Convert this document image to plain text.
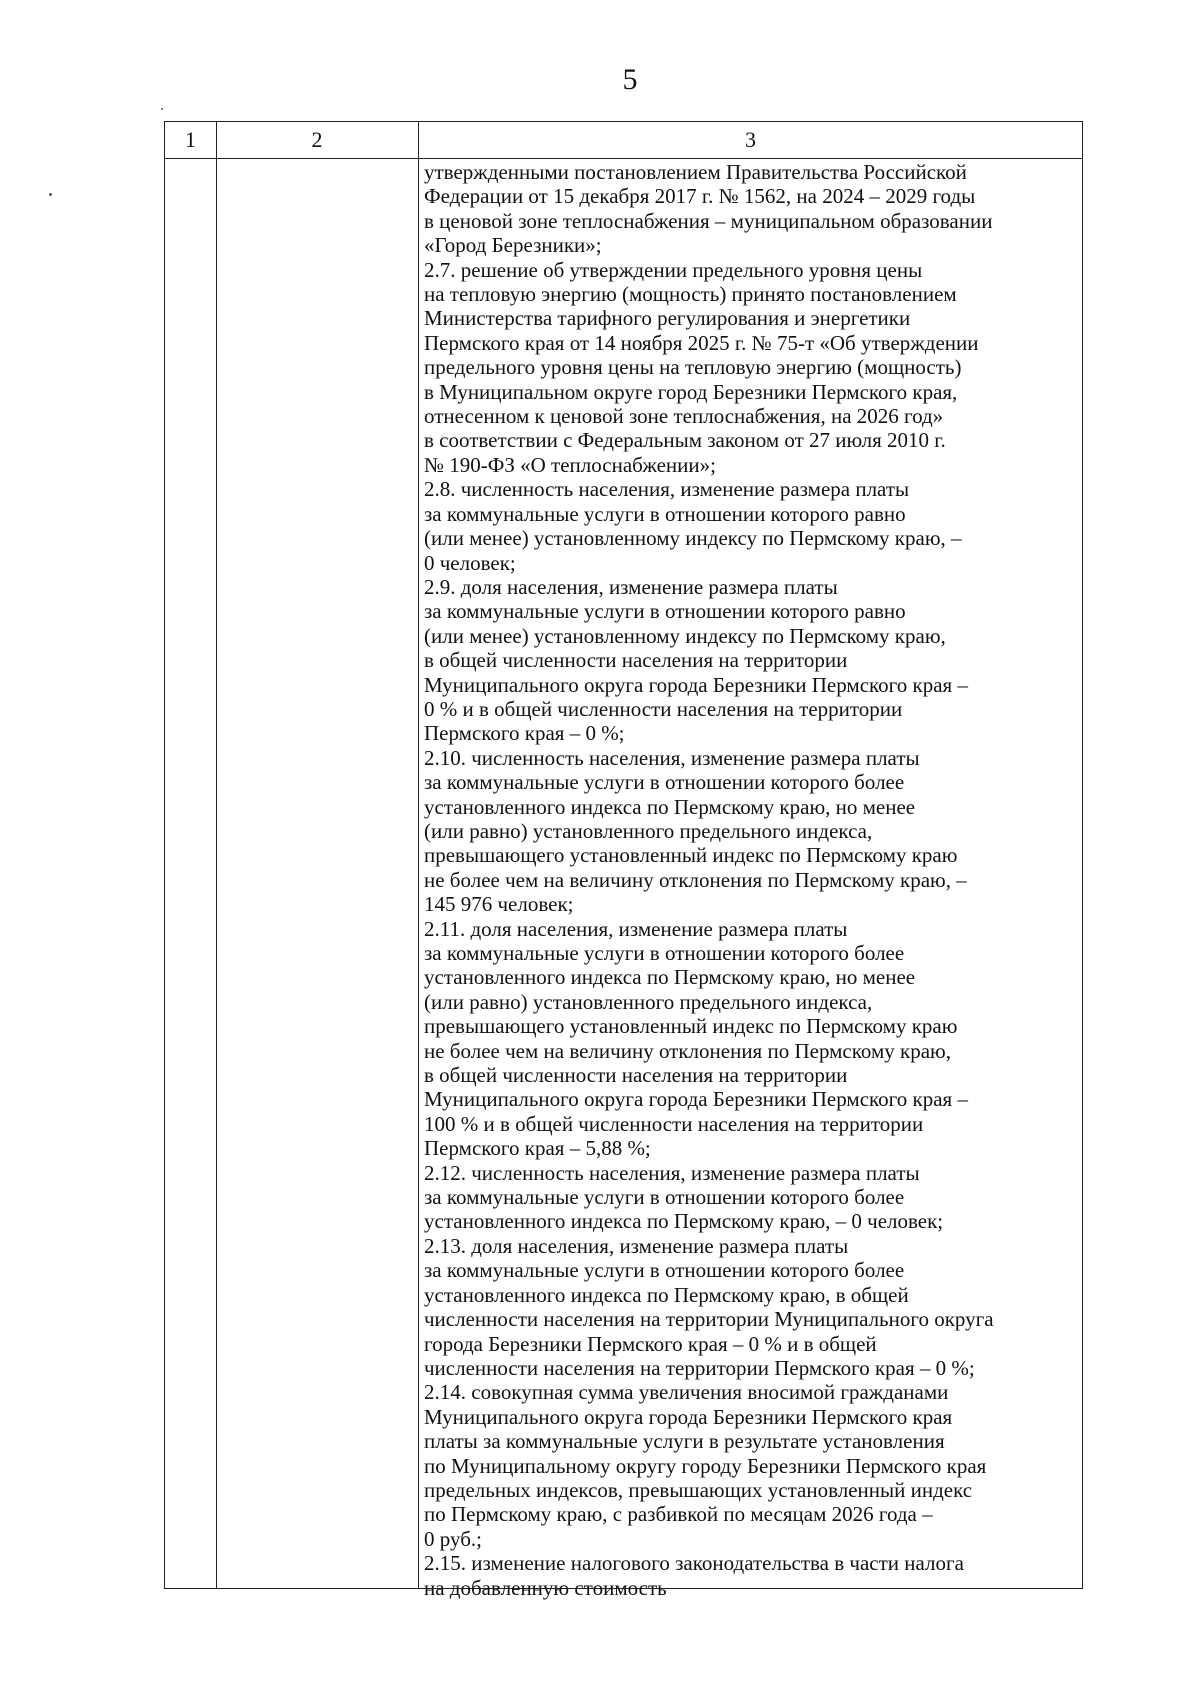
5
1	2	3
утвержденными постановлением Правительства Российской
Федерации от 15 декабря 2017 г. № 1562, на 2024 – 2029 годы
в ценовой зоне теплоснабжения – муниципальном образовании
«Город Березники»;
2.7. решение об утверждении предельного уровня цены
на тепловую энергию (мощность) принято постановлением
Министерства тарифного регулирования и энергетики
Пермского края от 14 ноября 2025 г. № 75-т «Об утверждении
предельного уровня цены на тепловую энергию (мощность)
в Муниципальном округе город Березники Пермского края,
отнесенном к ценовой зоне теплоснабжения, на 2026 год»
в соответствии с Федеральным законом от 27 июля 2010 г.
№ 190-ФЗ «О теплоснабжении»;
2.8. численность населения, изменение размера платы
за коммунальные услуги в отношении которого равно
(или менее) установленному индексу по Пермскому краю, –
0 человек;
2.9. доля населения, изменение размера платы
за коммунальные услуги в отношении которого равно
(или менее) установленному индексу по Пермскому краю,
в общей численности населения на территории
Муниципального округа города Березники Пермского края –
0 % и в общей численности населения на территории
Пермского края – 0 %;
2.10. численность населения, изменение размера платы
за коммунальные услуги в отношении которого более
установленного индекса по Пермскому краю, но менее
(или равно) установленного предельного индекса,
превышающего установленный индекс по Пермскому краю
не более чем на величину отклонения по Пермскому краю, –
145 976 человек;
2.11. доля населения, изменение размера платы
за коммунальные услуги в отношении которого более
установленного индекса по Пермскому краю, но менее
(или равно) установленного предельного индекса,
превышающего установленный индекс по Пермскому краю
не более чем на величину отклонения по Пермскому краю,
в общей численности населения на территории
Муниципального округа города Березники Пермского края –
100 % и в общей численности населения на территории
Пермского края – 5,88 %;
2.12. численность населения, изменение размера платы
за коммунальные услуги в отношении которого более
установленного индекса по Пермскому краю, – 0 человек;
2.13. доля населения, изменение размера платы
за коммунальные услуги в отношении которого более
установленного индекса по Пермскому краю, в общей
численности населения на территории Муниципального округа
города Березники Пермского края – 0 % и в общей
численности населения на территории Пермского края – 0 %;
2.14. совокупная сумма увеличения вносимой гражданами
Муниципального округа города Березники Пермского края
платы за коммунальные услуги в результате установления
по Муниципальному округу городу Березники Пермского края
предельных индексов, превышающих установленный индекс
по Пермскому краю, с разбивкой по месяцам 2026 года –
0 руб.;
2.15. изменение налогового законодательства в части налога
на добавленную стоимость
